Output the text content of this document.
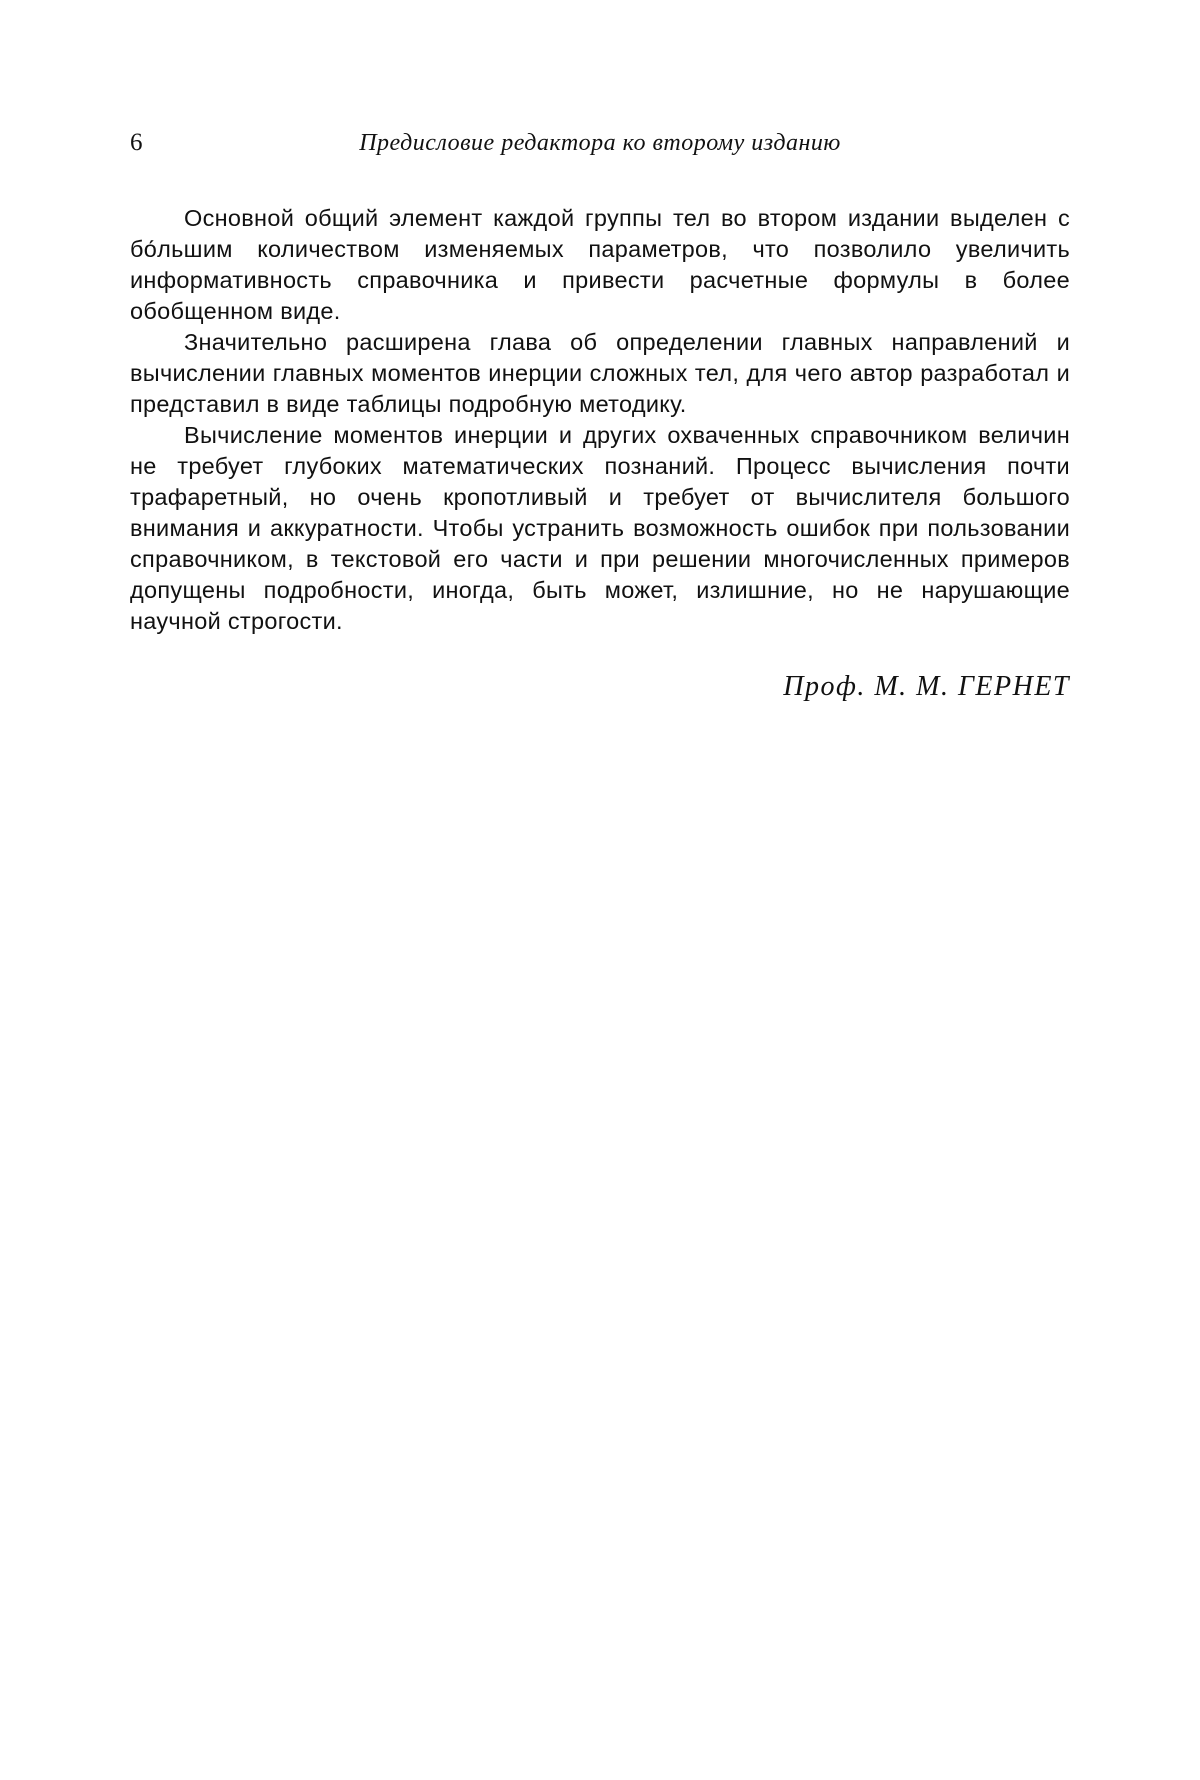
6	Предисловие редактора ко второму изданию

Основной общий элемент каждой группы тел во втором издании выделен с бо́льшим количеством изменяемых параметров, что позволило увеличить информативность справочника и привести расчетные формулы в более обобщенном виде.

Значительно расширена глава об определении главных направлений и вычислении главных моментов инерции сложных тел, для чего автор разработал и представил в виде таблицы подробную методику.

Вычисление моментов инерции и других охваченных справочником величин не требует глубоких математических познаний. Процесс вычисления почти трафаретный, но очень кропотливый и требует от вычислителя большого внимания и аккуратности. Чтобы устранить возможность ошибок при пользовании справочником, в текстовой его части и при решении многочисленных примеров допущены подробности, иногда, быть может, излишние, но не нарушающие научной строгости.

Проф. М. М. ГЕРНЕТ
